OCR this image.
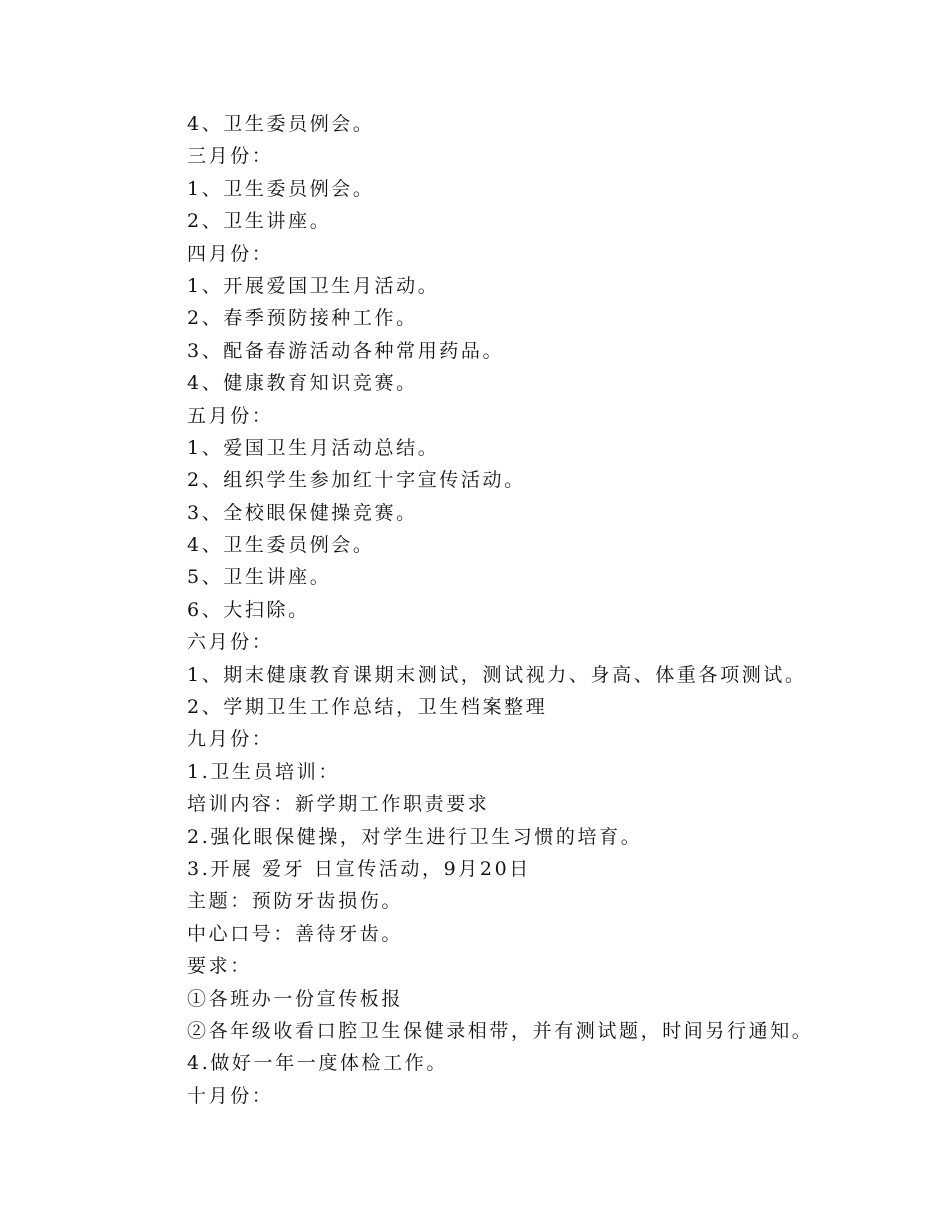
4、卫生委员例会。
三月份：
1、卫生委员例会。
2、卫生讲座。
四月份：
1、开展爱国卫生月活动。
2、春季预防接种工作。
3、配备春游活动各种常用药品。
4、健康教育知识竞赛。
五月份：
1、爱国卫生月活动总结。
2、组织学生参加红十字宣传活动。
3、全校眼保健操竞赛。
4、卫生委员例会。
5、卫生讲座。
6、大扫除。
六月份：
1、期末健康教育课期末测试，测试视力、身高、体重各项测试。
2、学期卫生工作总结，卫生档案整理
九月份：
1.卫生员培训：
培训内容：新学期工作职责要求
2.强化眼保健操，对学生进行卫生习惯的培育。
3.开展 爱牙 日宣传活动，9月20日
主题：预防牙齿损伤。
中心口号：善待牙齿。
要求：
①各班办一份宣传板报
②各年级收看口腔卫生保健录相带，并有测试题，时间另行通知。
4.做好一年一度体检工作。
十月份：
